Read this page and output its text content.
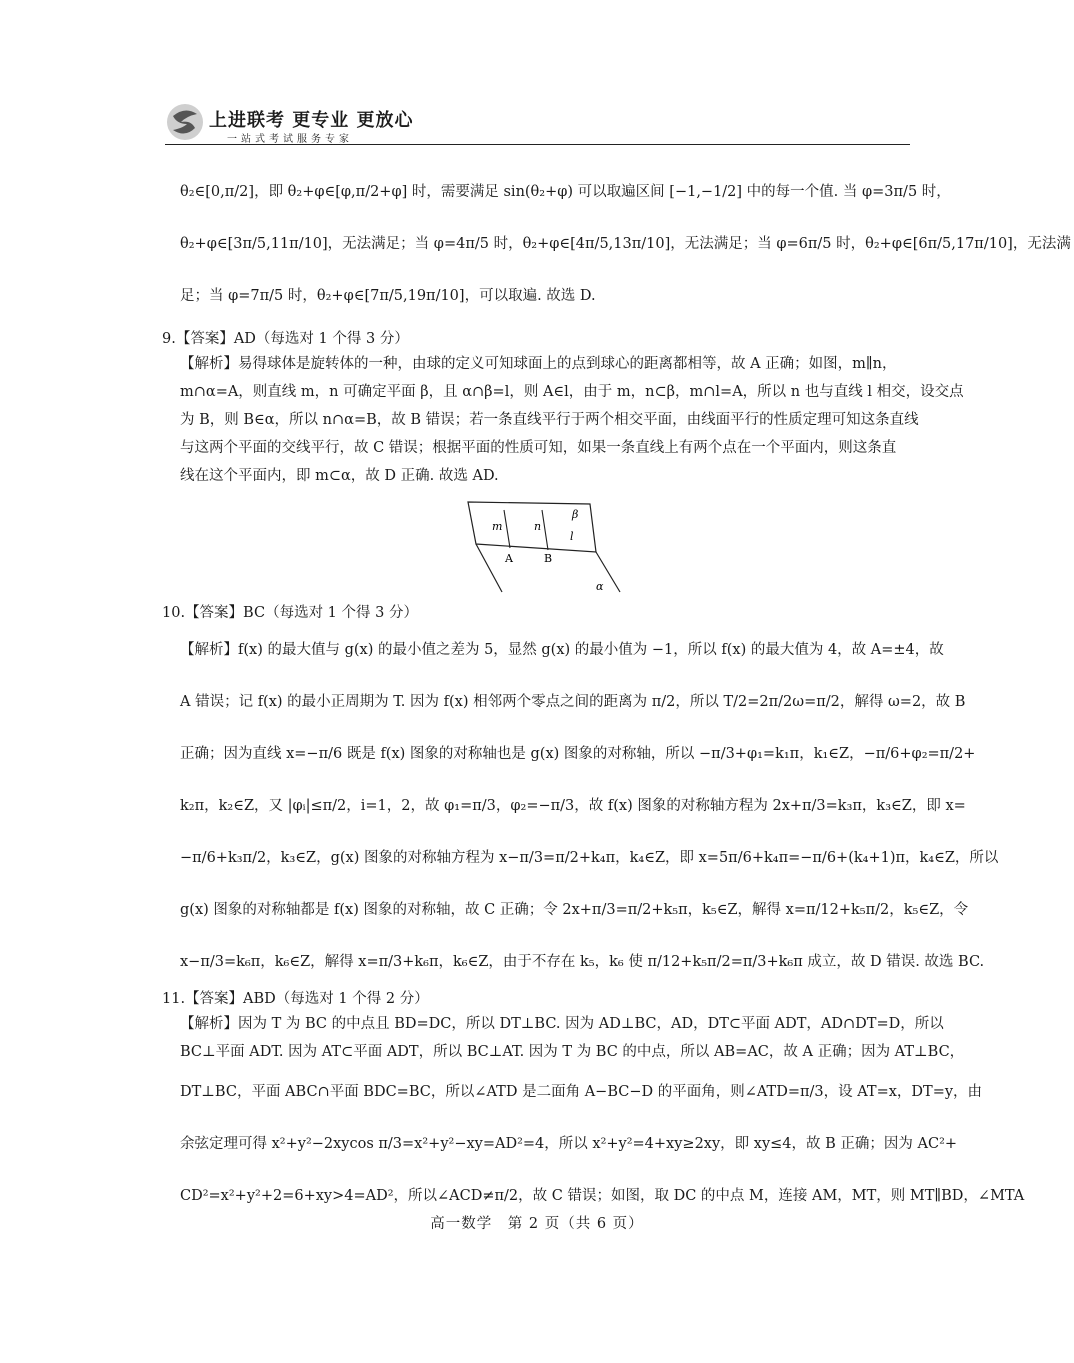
上进联考 更专业 更放心
一站式考试服务专家
θ₂∈[0,π/2]，即 θ₂+φ∈[φ,π/2+φ] 时，需要满足 sin(θ₂+φ) 可以取遍区间 [−1,−1/2] 中的每一个值. 当 φ=3π/5 时，
θ₂+φ∈[3π/5,11π/10]，无法满足；当 φ=4π/5 时，θ₂+φ∈[4π/5,13π/10]，无法满足；当 φ=6π/5 时，θ₂+φ∈[6π/5,17π/10]，无法满
足；当 φ=7π/5 时，θ₂+φ∈[7π/5,19π/10]，可以取遍. 故选 D.
9.【答案】AD（每选对 1 个得 3 分）
【解析】易得球体是旋转体的一种，由球的定义可知球面上的点到球心的距离都相等，故 A 正确；如图，m∥n，
m∩α=A，则直线 m，n 可确定平面 β，且 α∩β=l，则 A∈l，由于 m，n⊂β，m∩l=A，所以 n 也与直线 l 相交，设交点
为 B，则 B∈α，所以 n∩α=B，故 B 错误；若一条直线平行于两个相交平面，由线面平行的性质定理可知这条直线
与这两个平面的交线平行，故 C 错误；根据平面的性质可知，如果一条直线上有两个点在一个平面内，则这条直
线在这个平面内，即 m⊂α，故 D 正确. 故选 AD.
m	n
β
l
A	B
α
10.【答案】BC（每选对 1 个得 3 分）
【解析】f(x) 的最大值与 g(x) 的最小值之差为 5，显然 g(x) 的最小值为 −1，所以 f(x) 的最大值为 4，故 A=±4，故
A 错误；记 f(x) 的最小正周期为 T. 因为 f(x) 相邻两个零点之间的距离为 π/2，所以 T/2=2π/2ω=π/2，解得 ω=2，故 B
正确；因为直线 x=−π/6 既是 f(x) 图象的对称轴也是 g(x) 图象的对称轴，所以 −π/3+φ₁=k₁π，k₁∈Z，−π/6+φ₂=π/2+
k₂π，k₂∈Z，又 |φᵢ|≤π/2，i=1，2，故 φ₁=π/3，φ₂=−π/3，故 f(x) 图象的对称轴方程为 2x+π/3=k₃π，k₃∈Z，即 x=
−π/6+k₃π/2，k₃∈Z，g(x) 图象的对称轴方程为 x−π/3=π/2+k₄π，k₄∈Z，即 x=5π/6+k₄π=−π/6+(k₄+1)π，k₄∈Z，所以
g(x) 图象的对称轴都是 f(x) 图象的对称轴，故 C 正确；令 2x+π/3=π/2+k₅π，k₅∈Z，解得 x=π/12+k₅π/2，k₅∈Z，令
x−π/3=k₆π，k₆∈Z，解得 x=π/3+k₆π，k₆∈Z，由于不存在 k₅，k₆ 使 π/12+k₅π/2=π/3+k₆π 成立，故 D 错误. 故选 BC.
11.【答案】ABD（每选对 1 个得 2 分）
【解析】因为 T 为 BC 的中点且 BD=DC，所以 DT⊥BC. 因为 AD⊥BC，AD，DT⊂平面 ADT，AD∩DT=D，所以
BC⊥平面 ADT. 因为 AT⊂平面 ADT，所以 BC⊥AT. 因为 T 为 BC 的中点，所以 AB=AC，故 A 正确；因为 AT⊥BC，
DT⊥BC，平面 ABC∩平面 BDC=BC，所以∠ATD 是二面角 A−BC−D 的平面角，则∠ATD=π/3，设 AT=x，DT=y，由
余弦定理可得 x²+y²−2xycos π/3=x²+y²−xy=AD²=4，所以 x²+y²=4+xy≥2xy，即 xy≤4，故 B 正确；因为 AC²+
CD²=x²+y²+2=6+xy>4=AD²，所以∠ACD≠π/2，故 C 错误；如图，取 DC 的中点 M，连接 AM，MT，则 MT∥BD，∠MTA
高一数学　第 2 页（共 6 页）
